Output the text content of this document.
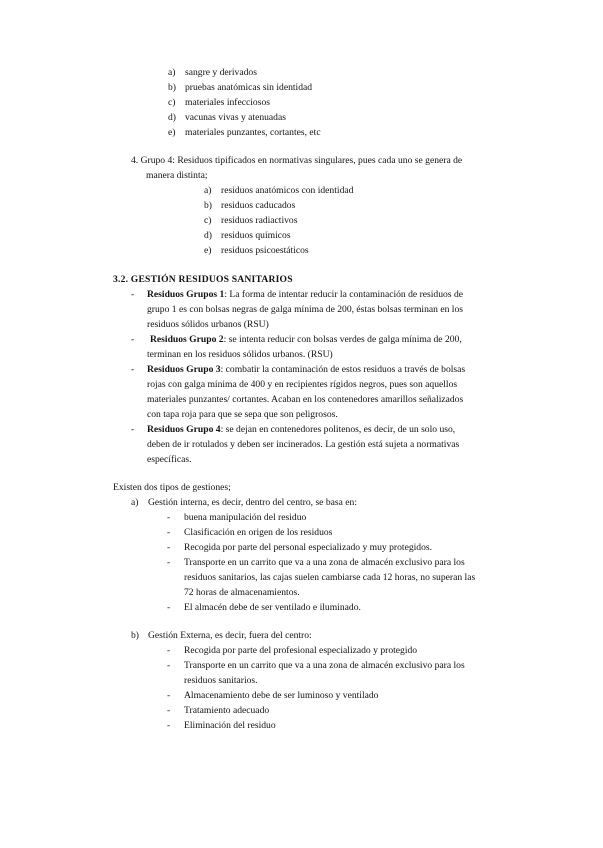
a) sangre y derivados
b) pruebas anatómicas sin identidad
c) materiales infecciosos
d) vacunas vivas y atenuadas
e) materiales punzantes, cortantes, etc
4. Grupo 4: Residuos tipificados en normativas singulares, pues cada uno se genera de
manera distinta;
a) residuos anatómicos con identidad
b) residuos caducados
c) residuos radiactivos
d) residuos químicos
e) residuos psicoestáticos
3.2. GESTIÓN RESIDUOS SANITARIOS
- Residuos Grupos 1: La forma de intentar reducir la contaminación de residuos de
grupo 1 es con bolsas negras de galga mínima de 200, éstas bolsas terminan en los
residuos sólidos urbanos (RSU)
- Residuos Grupo 2: se intenta reducir con bolsas verdes de galga mínima de 200,
terminan en los residuos sólidos urbanos. (RSU)
- Residuos Grupo 3: combatir la contaminación de estos residuos a través de bolsas
rojas con galga mínima de 400 y en recipientes rígidos negros, pues son aquellos
materiales punzantes/ cortantes. Acaban en los contenedores amarillos señalizados
con tapa roja para que se sepa que son peligrosos.
- Residuos Grupo 4: se dejan en contenedores politenos, es decir, de un solo uso,
deben de ir rotulados y deben ser incinerados. La gestión está sujeta a normativas
específicas.
Existen dos tipos de gestiones;
a) Gestión interna, es decir, dentro del centro, se basa en:
- buena manipulación del residuo
- Clasificación en origen de los residuos
- Recogida por parte del personal especializado y muy protegidos.
- Transporte en un carrito que va a una zona de almacén exclusivo para los
residuos sanitarios, las cajas suelen cambiarse cada 12 horas, no superan las
72 horas de almacenamientos.
- El almacén debe de ser ventilado e iluminado.
b) Gestión Externa, es decir, fuera del centro:
- Recogida por parte del profesional especializado y protegido
- Transporte en un carrito que va a una zona de almacén exclusivo para los
residuos sanitarios.
- Almacenamiento debe de ser luminoso y ventilado
- Tratamiento adecuado
- Eliminación del residuo
